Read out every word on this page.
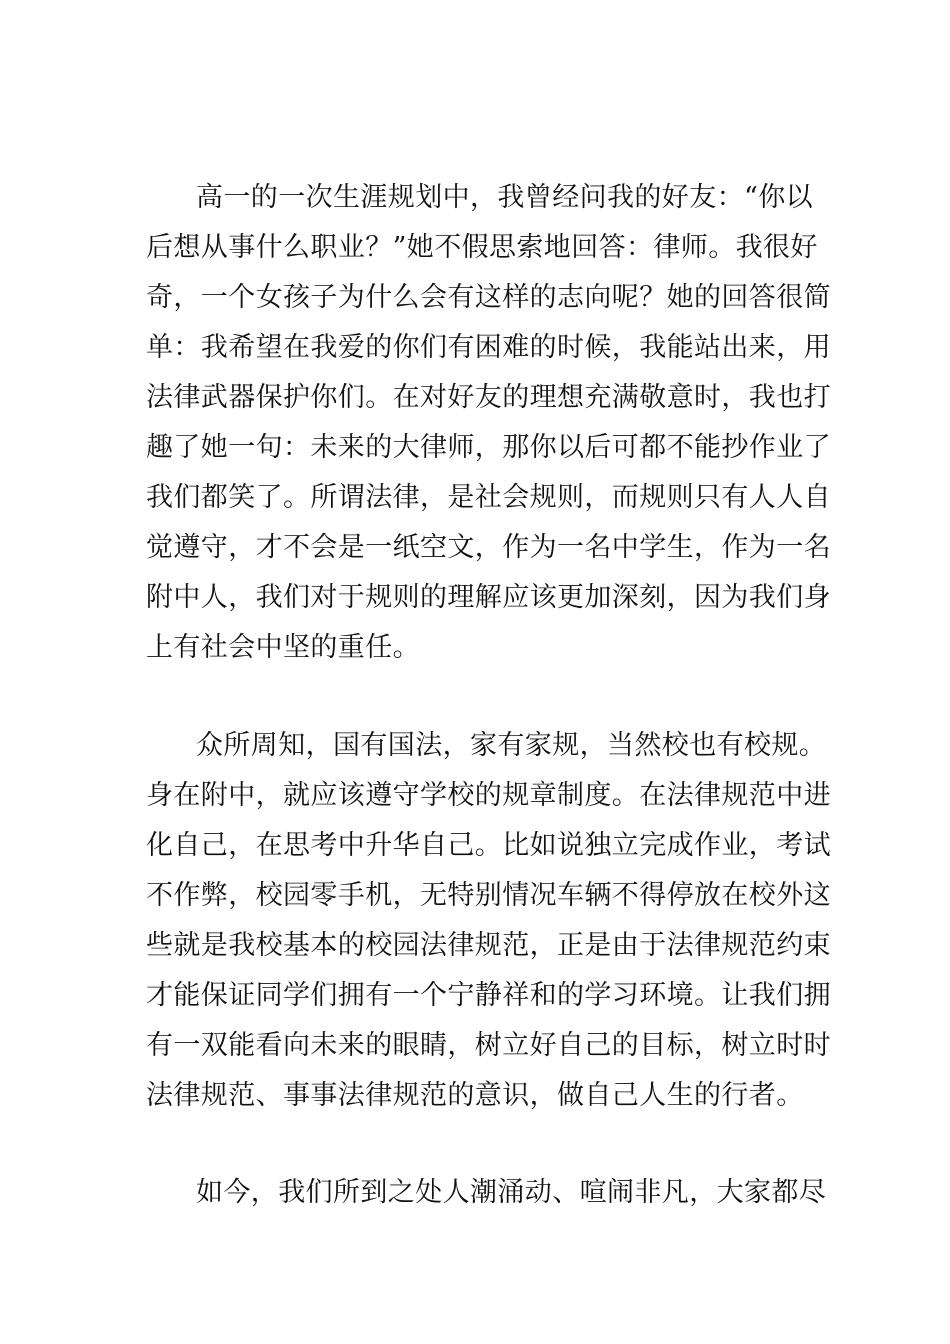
高一的一次生涯规划中，我曾经问我的好友：“你以
后想从事什么职业？”她不假思索地回答：律师。我很好
奇，一个女孩子为什么会有这样的志向呢？她的回答很简
单：我希望在我爱的你们有困难的时候，我能站出来，用
法律武器保护你们。在对好友的理想充满敬意时，我也打
趣了她一句：未来的大律师，那你以后可都不能抄作业了
我们都笑了。所谓法律，是社会规则，而规则只有人人自
觉遵守，才不会是一纸空文，作为一名中学生，作为一名
附中人，我们对于规则的理解应该更加深刻，因为我们身
上有社会中坚的重任。

众所周知，国有国法，家有家规，当然校也有校规。
身在附中，就应该遵守学校的规章制度。在法律规范中进
化自己，在思考中升华自己。比如说独立完成作业，考试
不作弊，校园零手机，无特别情况车辆不得停放在校外这
些就是我校基本的校园法律规范，正是由于法律规范约束
才能保证同学们拥有一个宁静祥和的学习环境。让我们拥
有一双能看向未来的眼睛，树立好自己的目标，树立时时
法律规范、事事法律规范的意识，做自己人生的行者。

如今，我们所到之处人潮涌动、喧闹非凡，大家都尽
